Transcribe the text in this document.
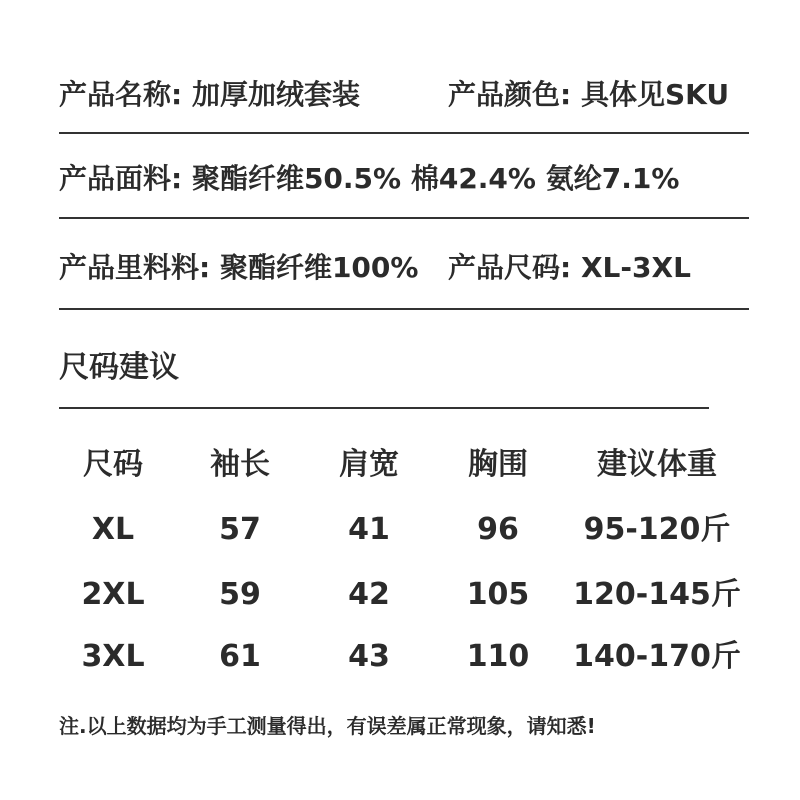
产品名称: 加厚加绒套装	产品颜色: 具体见SKU
产品面料: 聚酯纤维50.5% 棉42.4% 氨纶7.1%
产品里料料: 聚酯纤维100% 产品尺码: XL-3XL
尺码建议
尺码 袖长 肩宽 胸围 建议体重
XL	57	41	96 95-120斤
2XL 59	42	105 120-145斤
3XL 61	43	110 140-170斤
注.以上数据均为手工测量得出，有误差属正常现象，请知悉!
